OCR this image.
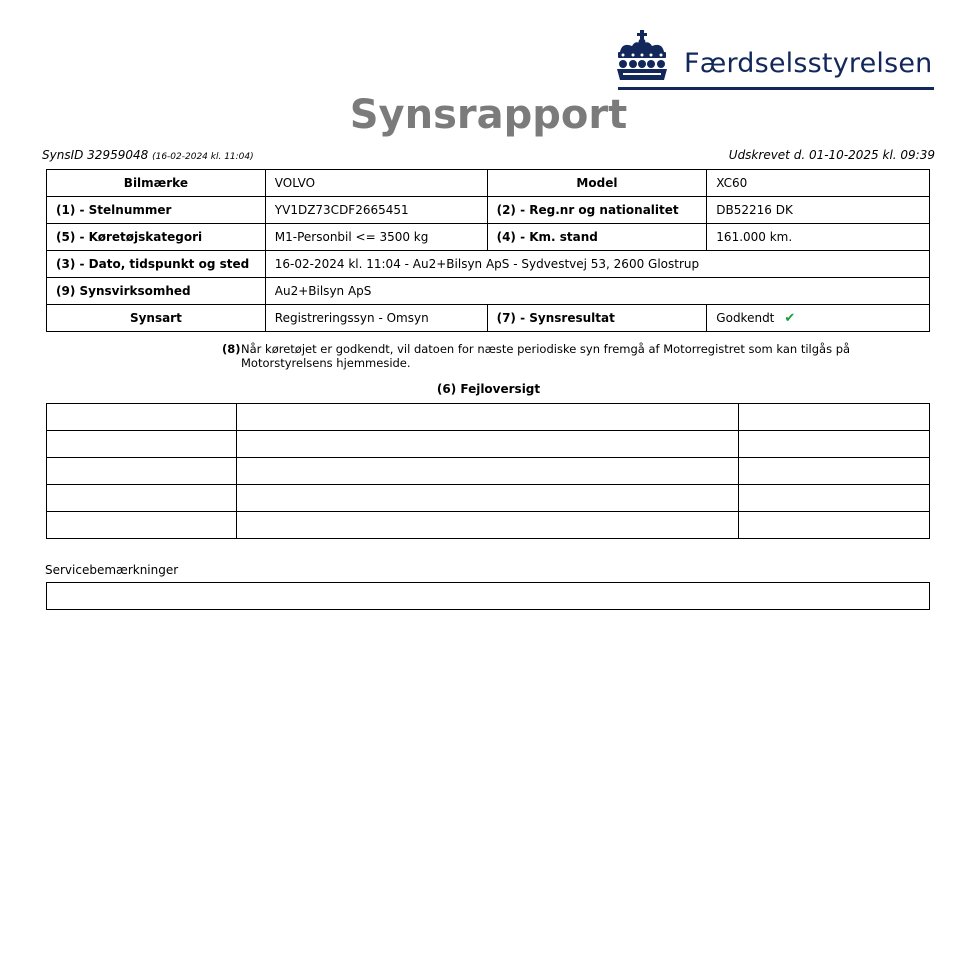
Færdselsstyrelsen
Synsrapport
SynsID 32959048 (16-02-2024 kl. 11:04)	Udskrevet d. 01-10-2025 kl. 09:39
Bilmærke	VOLVO	Model	XC60
(1) - Stelnummer	YV1DZ73CDF2665451	(2) - Reg.nr og nationalitet	DB52216 DK
(5) - Køretøjskategori	M1-Personbil <= 3500 kg	(4) - Km. stand	161.000 km.
(3) - Dato, tidspunkt og sted	16-02-2024 kl. 11:04 - Au2+Bilsyn ApS - Sydvestvej 53, 2600 Glostrup		
(9) Synsvirksomhed	Au2+Bilsyn ApS		
Synsart	Registreringssyn - Omsyn	(7) - Synsresultat	Godkendt ✔
(8)Når køretøjet er godkendt, vil datoen for næste periodiske syn fremgå af Motorregistret som kan tilgås på
Motorstyrelsens hjemmeside.
(6) Fejloversigt

Servicebemærkninger
